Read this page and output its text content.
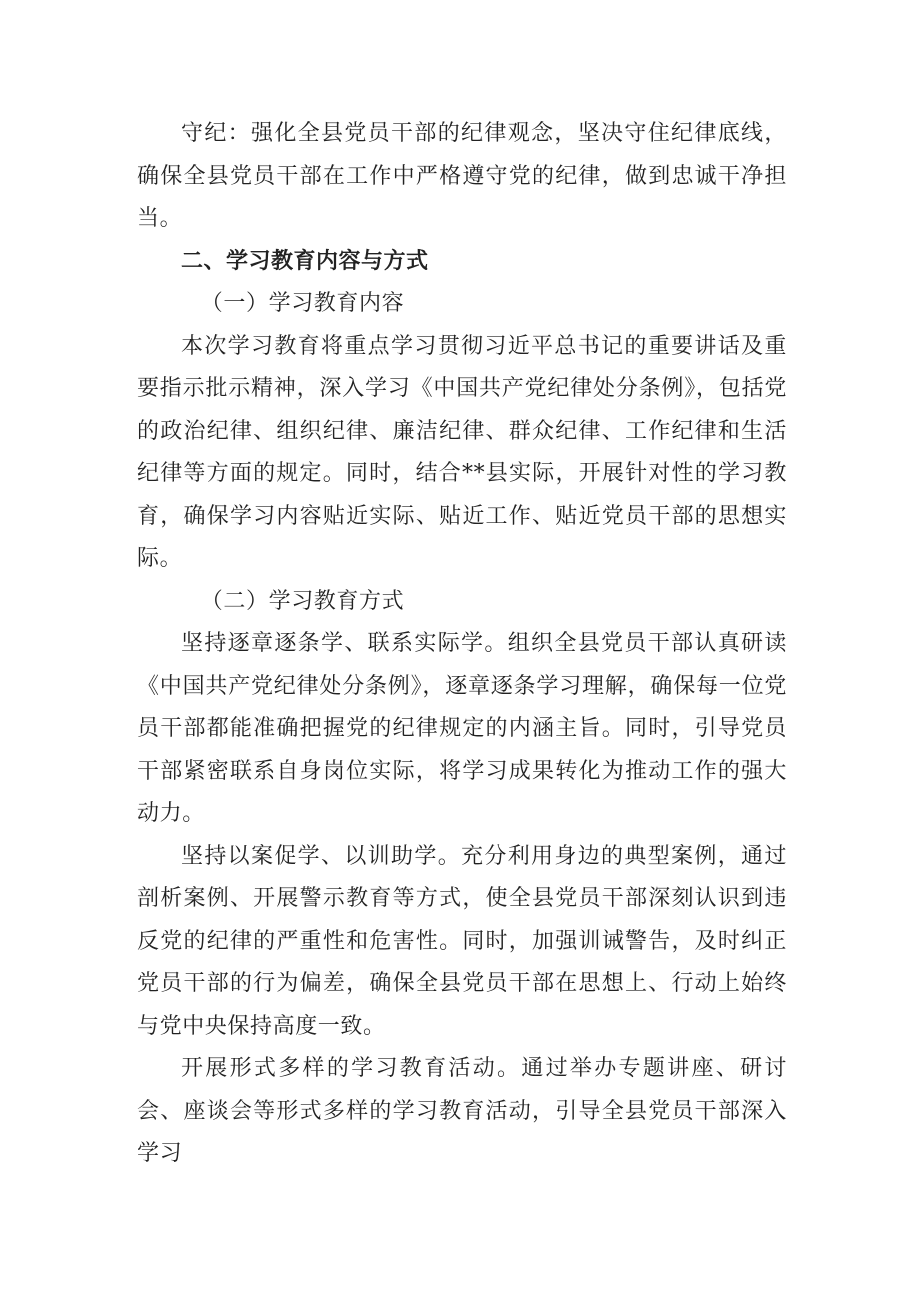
守纪：强化全县党员干部的纪律观念，坚决守住纪律底线，确保全县党员干部在工作中严格遵守党的纪律，做到忠诚干净担当。

二、学习教育内容与方式

（一）学习教育内容

本次学习教育将重点学习贯彻习近平总书记的重要讲话及重要指示批示精神，深入学习《中国共产党纪律处分条例》，包括党的政治纪律、组织纪律、廉洁纪律、群众纪律、工作纪律和生活纪律等方面的规定。同时，结合**县实际，开展针对性的学习教育，确保学习内容贴近实际、贴近工作、贴近党员干部的思想实际。

（二）学习教育方式

坚持逐章逐条学、联系实际学。组织全县党员干部认真研读《中国共产党纪律处分条例》，逐章逐条学习理解，确保每一位党员干部都能准确把握党的纪律规定的内涵主旨。同时，引导党员干部紧密联系自身岗位实际，将学习成果转化为推动工作的强大动力。

坚持以案促学、以训助学。充分利用身边的典型案例，通过剖析案例、开展警示教育等方式，使全县党员干部深刻认识到违反党的纪律的严重性和危害性。同时，加强训诫警告，及时纠正党员干部的行为偏差，确保全县党员干部在思想上、行动上始终与党中央保持高度一致。

开展形式多样的学习教育活动。通过举办专题讲座、研讨会、座谈会等形式多样的学习教育活动，引导全县党员干部深入学习
